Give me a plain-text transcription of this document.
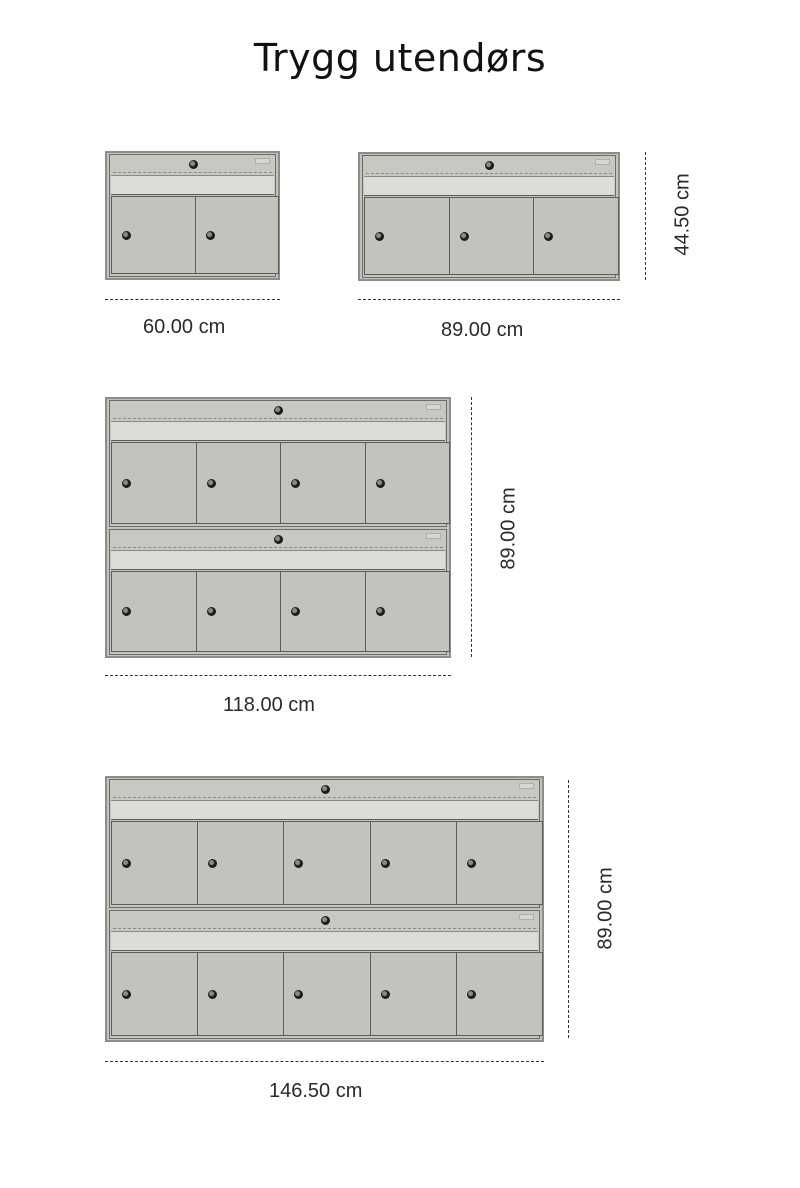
Trygg utendørs
60.00 cm	89.00 cm
44.50 cm
118.00 cm
89.00 cm
146.50 cm
89.00 cm
